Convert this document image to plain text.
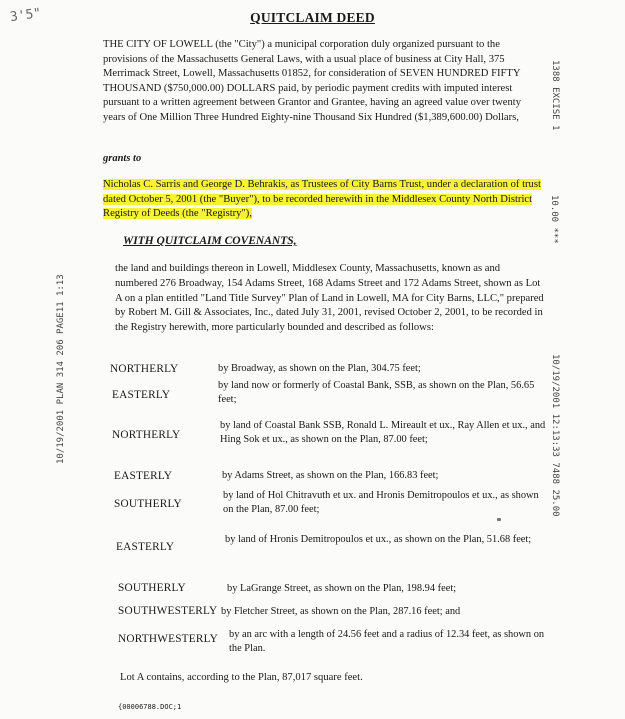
3'5"	QUITCLAIM DEED
THE CITY OF LOWELL (the "City") a municipal corporation duly organized pursuant to the provisions of the Massachusetts General Laws, with a usual place of business at City Hall, 375 Merrimack Street, Lowell, Massachusetts 01852, for consideration of SEVEN HUNDRED FIFTY THOUSAND ($750,000.00) DOLLARS paid, by periodic payment credits with imputed interest pursuant to a written agreement between Grantor and Grantee, having an agreed value over twenty years of One Million Three Hundred Eighty-nine Thousand Six Hundred ($1,389,600.00) Dollars,
grants to
Nicholas C. Sarris and George D. Behrakis, as Trustees of City Barns Trust, under a declaration of trust dated October 5, 2001 (the "Buyer"), to be recorded herewith in the Middlesex County North District Registry of Deeds (the "Registry"),
WITH QUITCLAIM COVENANTS,
the land and buildings thereon in Lowell, Middlesex County, Massachusetts, known as and numbered 276 Broadway, 154 Adams Street, 168 Adams Street and 172 Adams Street, shown as Lot A on a plan entitled "Land Title Survey" Plan of Land in Lowell, MA for City Barns, LLC," prepared by Robert M. Gill & Associates, Inc., dated July 31, 2001, revised October 2, 2001, to be recorded in the Registry herewith, more particularly bounded and described as follows:
NORTHERLY	by Broadway, as shown on the Plan, 304.75 feet;
EASTERLY
by land now or formerly of Coastal Bank, SSB, as shown on the Plan, 56.65 feet;
NORTHERLY
by land of Coastal Bank SSB, Ronald L. Mireault et ux., Ray Allen et ux., and Hing Sok et ux., as shown on the Plan, 87.00 feet;
EASTERLY	by Adams Street, as shown on the Plan, 166.83 feet;
SOUTHERLY
by land of Hol Chitravuth et ux. and Hronis Demitropoulos et ux., as shown on the Plan, 87.00 feet;
EASTERLY
by land of Hronis Demitropoulos et ux., as shown on the Plan, 51.68 feet;
SOUTHERLY	by LaGrange Street, as shown on the Plan, 198.94 feet;
SOUTHWESTERLY by Fletcher Street, as shown on the Plan, 287.16 feet; and
NORTHWESTERLY by an arc with a length of 24.56 feet and a radius of 12.34 feet, as shown on the Plan.
Lot A contains, according to the Plan, 87,017 square feet.
{00006788.DOC;1
10/19/2001 PLAN 314 206 PAGE11 1:13
1388 EXCISE 1
10.00 ***
10/19/2001 12:13:33 7488 25.00
